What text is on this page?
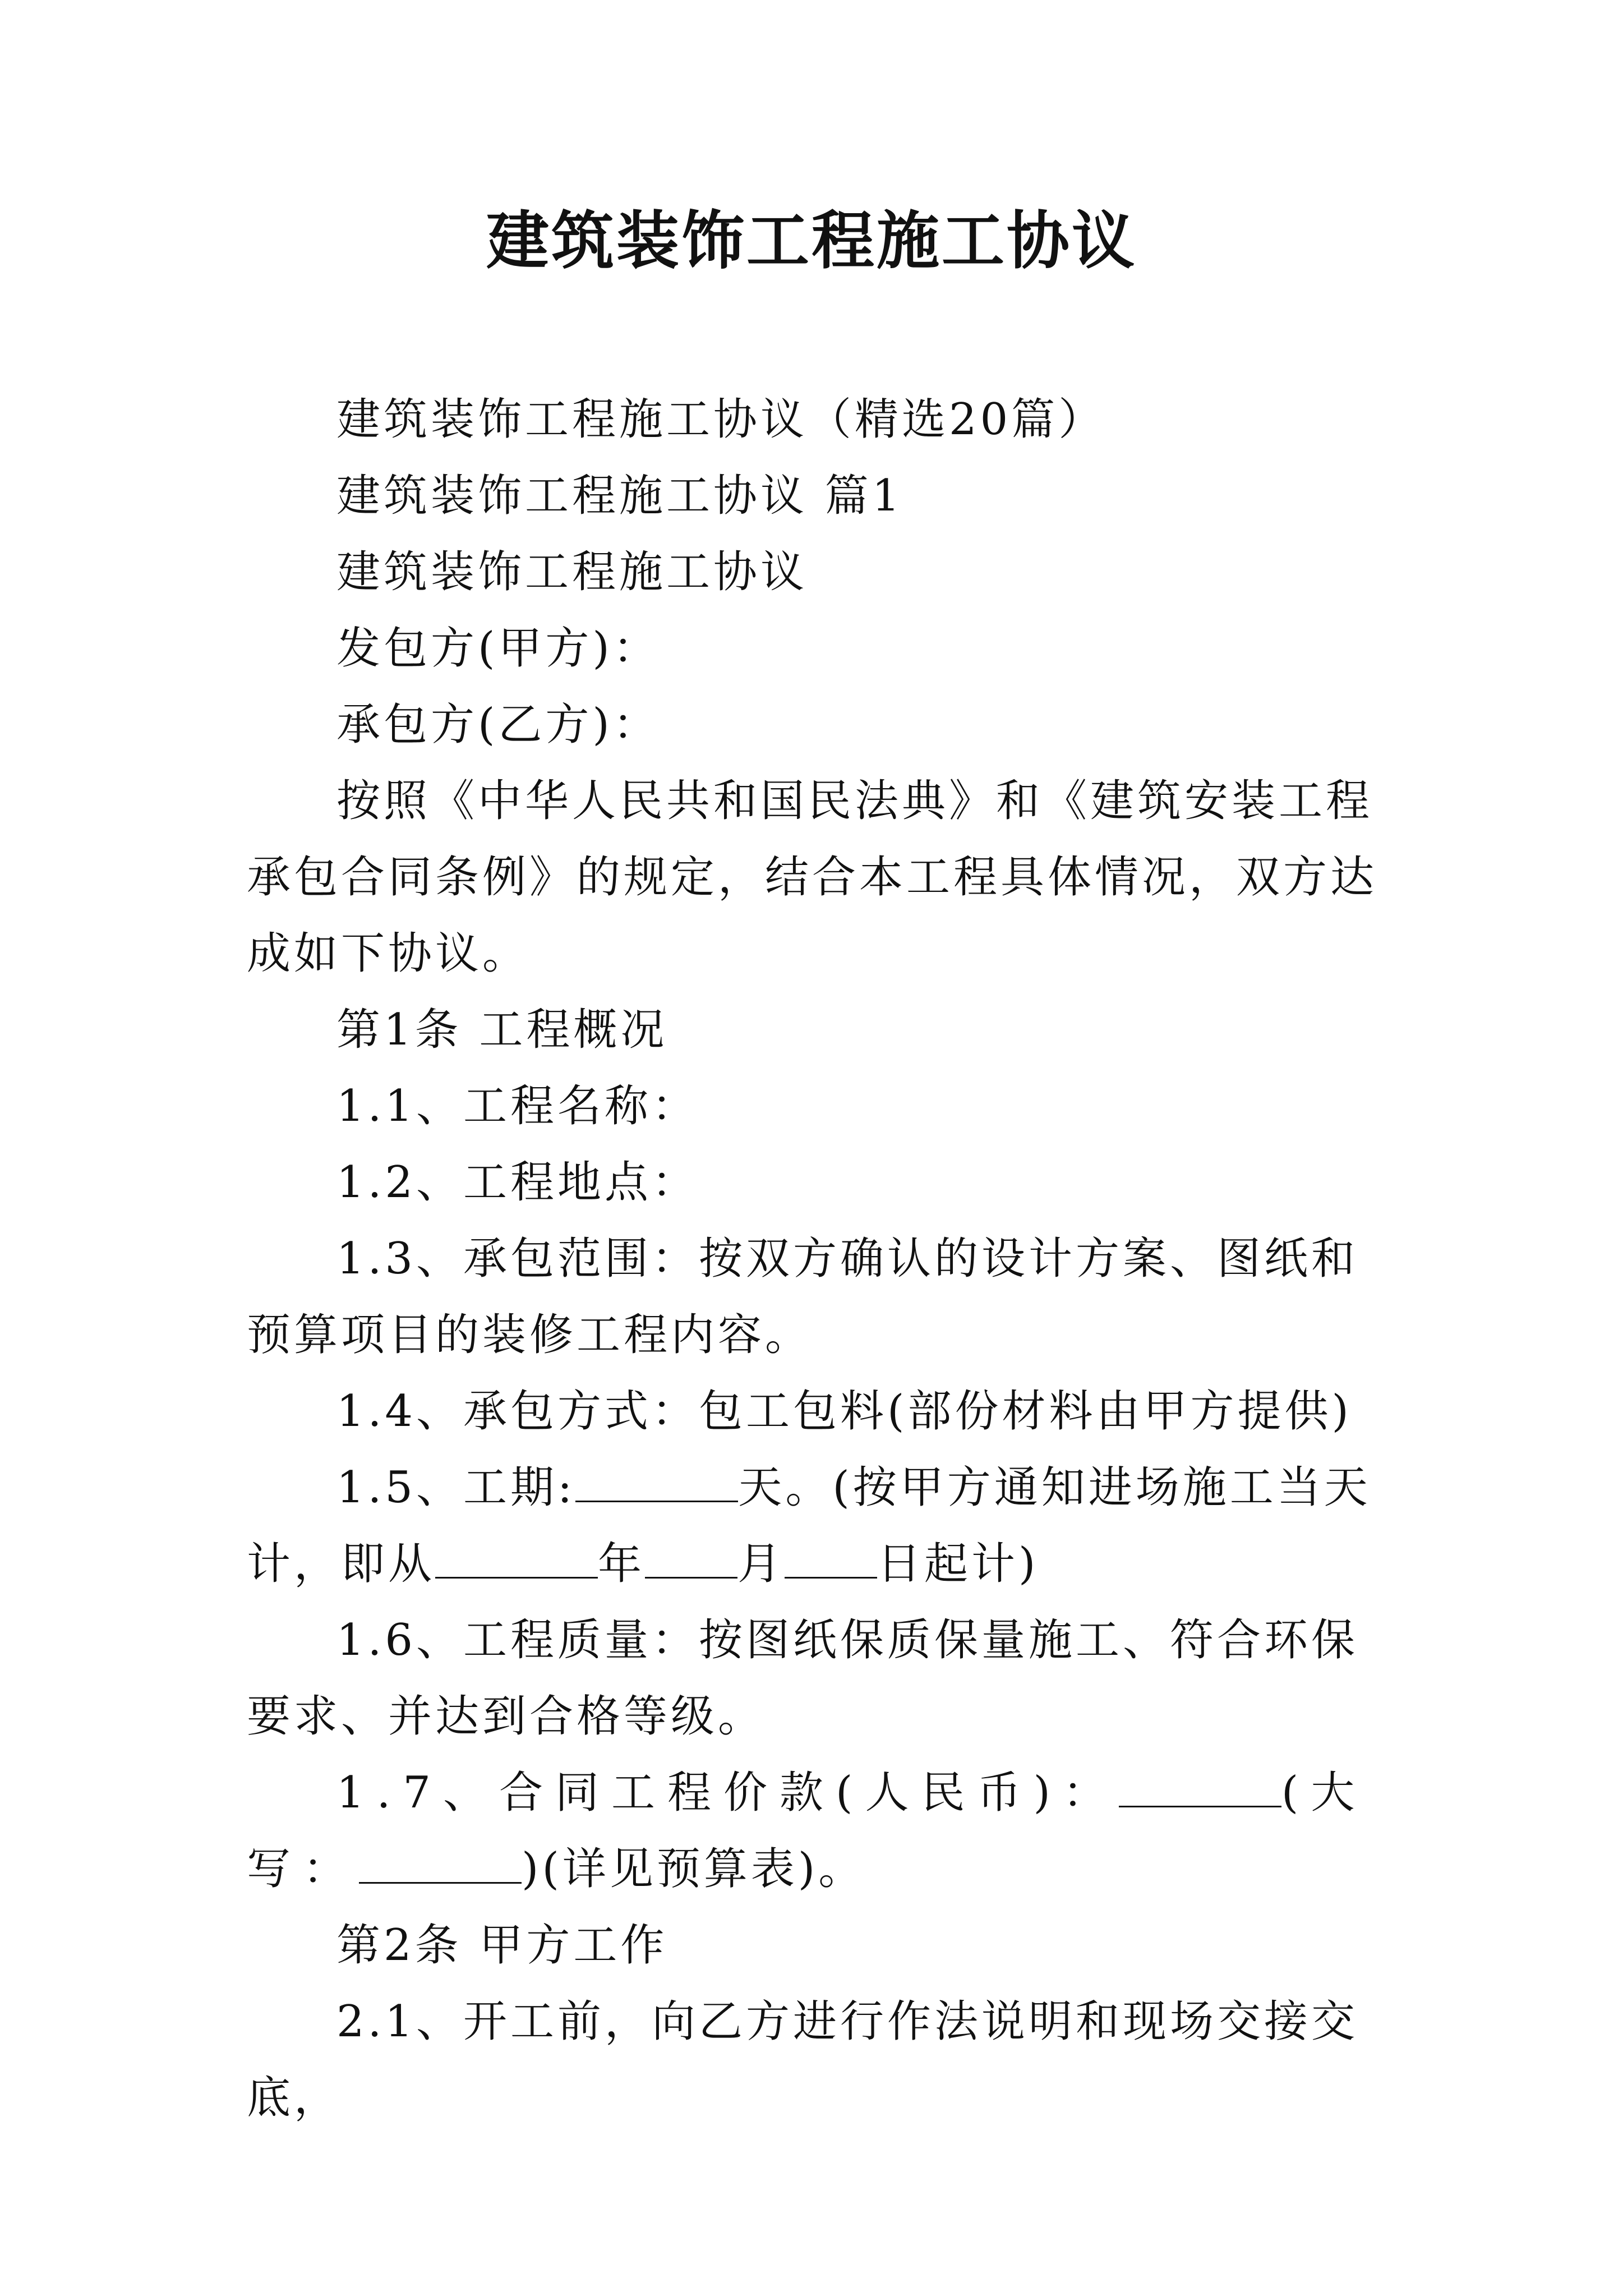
建筑装饰工程施工协议

建筑装饰工程施工协议（精选20篇）

建筑装饰工程施工协议 篇1

建筑装饰工程施工协议

发包方(甲方)：

承包方(乙方)：

按照《中华人民共和国民法典》和《建筑安装工程承包合同条例》的规定，结合本工程具体情况，双方达成如下协议。

第1条 工程概况

1.1、工程名称：

1.2、工程地点：

1.3、承包范围：按双方确认的设计方案、图纸和预算项目的装修工程内容。

1.4、承包方式：包工包料(部份材料由甲方提供)

1.5、工期:	天。(按甲方通知进场施工当天计，即从	年 月 日起计)

1.6、工程质量：按图纸保质保量施工、符合环保要求、并达到合格等级。

1.7、合同工程价款(人民币)：	(大写：	)(详见预算表)。

第2条 甲方工作

2.1、开工前，向乙方进行作法说明和现场交接交底，
